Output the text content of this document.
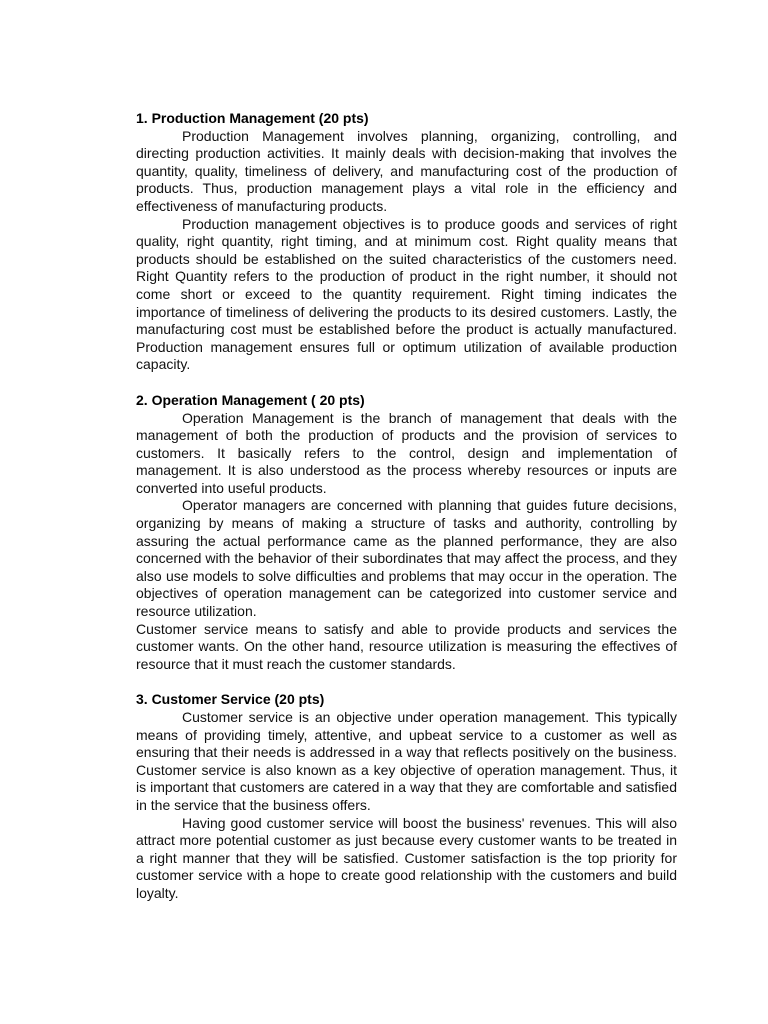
1. Production Management (20 pts)

Production Management involves planning, organizing, controlling, and directing production activities. It mainly deals with decision-making that involves the quantity, quality, timeliness of delivery, and manufacturing cost of the production of products. Thus, production management plays a vital role in the efficiency and effectiveness of manufacturing products.

Production management objectives is to produce goods and services of right quality, right quantity, right timing, and at minimum cost. Right quality means that products should be established on the suited characteristics of the customers need. Right Quantity refers to the production of product in the right number, it should not come short or exceed to the quantity requirement. Right timing indicates the importance of timeliness of delivering the products to its desired customers. Lastly, the manufacturing cost must be established before the product is actually manufactured. Production management ensures full or optimum utilization of available production capacity.

2. Operation Management ( 20 pts)

Operation Management is the branch of management that deals with the management of both the production of products and the provision of services to customers. It basically refers to the control, design and implementation of management. It is also understood as the process whereby resources or inputs are converted into useful products.

Operator managers are concerned with planning that guides future decisions, organizing by means of making a structure of tasks and authority, controlling by assuring the actual performance came as the planned performance, they are also concerned with the behavior of their subordinates that may affect the process, and they also use models to solve difficulties and problems that may occur in the operation. The objectives of operation management can be categorized into customer service and resource utilization.

Customer service means to satisfy and able to provide products and services the customer wants. On the other hand, resource utilization is measuring the effectives of resource that it must reach the customer standards.

3. Customer Service (20 pts)

Customer service is an objective under operation management. This typically means of providing timely, attentive, and upbeat service to a customer as well as ensuring that their needs is addressed in a way that reflects positively on the business. Customer service is also known as a key objective of operation management. Thus, it is important that customers are catered in a way that they are comfortable and satisfied in the service that the business offers.

Having good customer service will boost the business' revenues. This will also attract more potential customer as just because every customer wants to be treated in a right manner that they will be satisfied. Customer satisfaction is the top priority for customer service with a hope to create good relationship with the customers and build loyalty.
